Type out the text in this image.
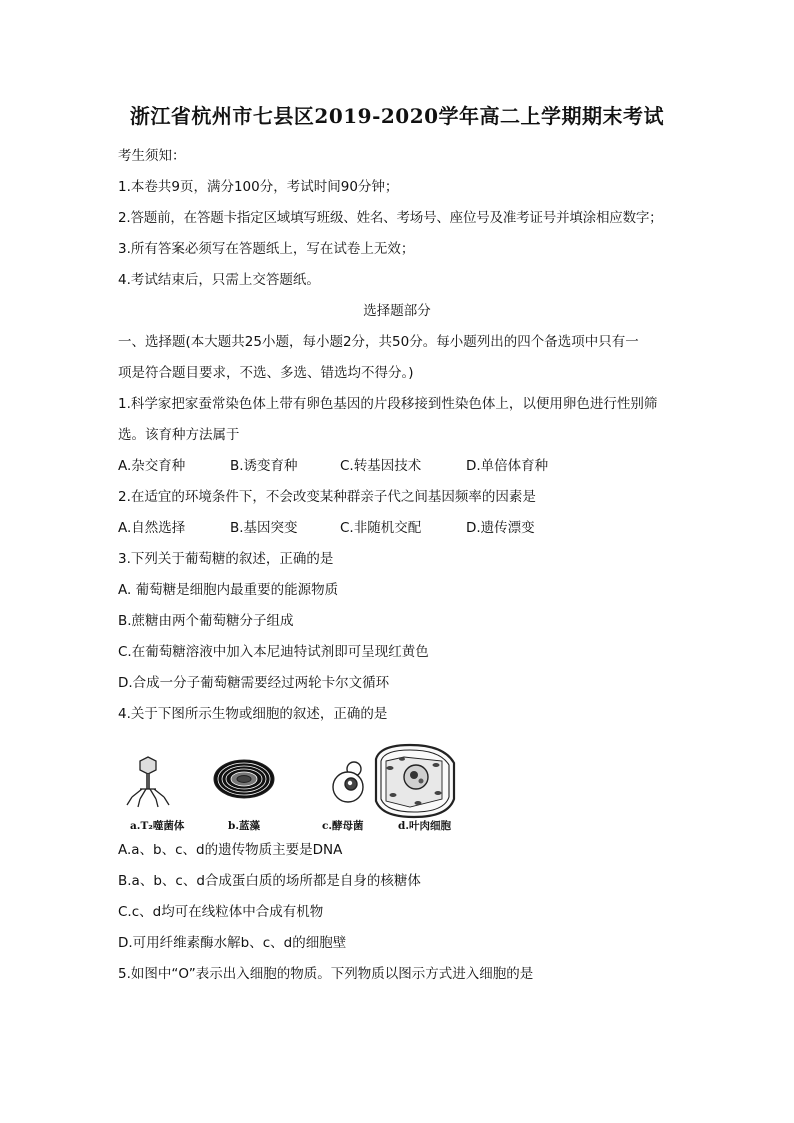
浙江省杭州市七县区2019-2020学年高二上学期期末考试
考生须知：
1.本卷共9页，满分100分，考试时间90分钟；
2.答题前，在答题卡指定区域填写班级、姓名、考场号、座位号及准考证号并填涂相应数字；
3.所有答案必须写在答题纸上，写在试卷上无效；
4.考试结束后，只需上交答题纸。
选择题部分
一、选择题(本大题共25小题，每小题2分，共50分。每小题列出的四个备选项中只有一
项是符合题目要求，不选、多选、错选均不得分。)
1.科学家把家蚕常染色体上带有卵色基因的片段移接到性染色体上，以便用卵色进行性别筛
选。该育种方法属于
A.杂交育种	B.诱变育种	C.转基因技术	D.单倍体育种
2.在适宜的环境条件下，不会改变某种群亲子代之间基因频率的因素是
A.自然选择	B.基因突变	C.非随机交配	D.遗传漂变
3.下列关于葡萄糖的叙述，正确的是
A. 葡萄糖是细胞内最重要的能源物质
B.蔗糖由两个葡萄糖分子组成
C.在葡萄糖溶液中加入本尼迪特试剂即可呈现红黄色
D.合成一分子葡萄糖需要经过两轮卡尔文循环
4.关于下图所示生物或细胞的叙述，正确的是
a.T₂噬菌体	b.蓝藻	c.酵母菌	d.叶肉细胞
A.a、b、c、d的遗传物质主要是DNA
B.a、b、c、d合成蛋白质的场所都是自身的核糖体
C.c、d均可在线粒体中合成有机物
D.可用纤维素酶水解b、c、d的细胞壁
5.如图中“O”表示出入细胞的物质。下列物质以图示方式进入细胞的是
